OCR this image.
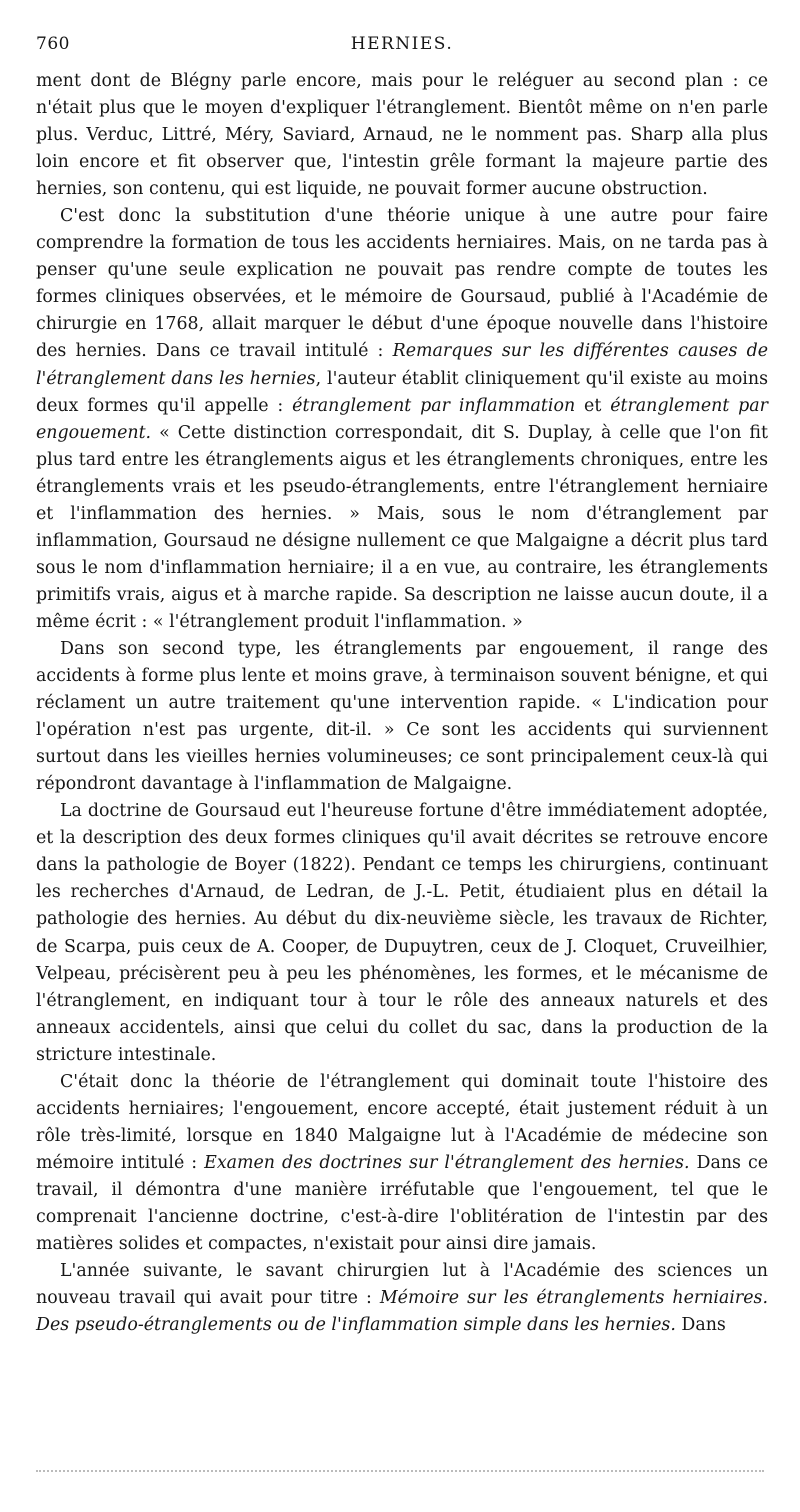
760	HERNIES.

ment dont de Blégny parle encore, mais pour le reléguer au second plan : ce n'était plus que le moyen d'expliquer l'étranglement. Bientôt même on n'en parle plus. Verduc, Littré, Méry, Saviard, Arnaud, ne le nomment pas. Sharp alla plus loin encore et fit observer que, l'intestin grêle formant la majeure partie des hernies, son contenu, qui est liquide, ne pouvait former aucune obstruction.

C'est donc la substitution d'une théorie unique à une autre pour faire comprendre la formation de tous les accidents herniaires. Mais, on ne tarda pas à penser qu'une seule explication ne pouvait pas rendre compte de toutes les formes cliniques observées, et le mémoire de Goursaud, publié à l'Académie de chirurgie en 1768, allait marquer le début d'une époque nouvelle dans l'histoire des hernies. Dans ce travail intitulé : Remarques sur les différentes causes de l'étranglement dans les hernies, l'auteur établit cliniquement qu'il existe au moins deux formes qu'il appelle : étranglement par inflammation et étranglement par engouement. « Cette distinction correspondait, dit S. Duplay, à celle que l'on fit plus tard entre les étranglements aigus et les étranglements chroniques, entre les étranglements vrais et les pseudo-étranglements, entre l'étranglement herniaire et l'inflammation des hernies. » Mais, sous le nom d'étranglement par inflammation, Goursaud ne désigne nullement ce que Malgaigne a décrit plus tard sous le nom d'inflammation herniaire; il a en vue, au contraire, les étranglements primitifs vrais, aigus et à marche rapide. Sa description ne laisse aucun doute, il a même écrit : « l'étranglement produit l'inflammation. »

Dans son second type, les étranglements par engouement, il range des accidents à forme plus lente et moins grave, à terminaison souvent bénigne, et qui réclament un autre traitement qu'une intervention rapide. « L'indication pour l'opération n'est pas urgente, dit-il. » Ce sont les accidents qui surviennent surtout dans les vieilles hernies volumineuses; ce sont principalement ceux-là qui répondront davantage à l'inflammation de Malgaigne.

La doctrine de Goursaud eut l'heureuse fortune d'être immédiatement adoptée, et la description des deux formes cliniques qu'il avait décrites se retrouve encore dans la pathologie de Boyer (1822). Pendant ce temps les chirurgiens, continuant les recherches d'Arnaud, de Ledran, de J.-L. Petit, étudiaient plus en détail la pathologie des hernies. Au début du dix-neuvième siècle, les travaux de Richter, de Scarpa, puis ceux de A. Cooper, de Dupuytren, ceux de J. Cloquet, Cruveilhier, Velpeau, précisèrent peu à peu les phénomènes, les formes, et le mécanisme de l'étranglement, en indiquant tour à tour le rôle des anneaux naturels et des anneaux accidentels, ainsi que celui du collet du sac, dans la production de la stricture intestinale.

C'était donc la théorie de l'étranglement qui dominait toute l'histoire des accidents herniaires; l'engouement, encore accepté, était justement réduit à un rôle très-limité, lorsque en 1840 Malgaigne lut à l'Académie de médecine son mémoire intitulé : Examen des doctrines sur l'étranglement des hernies. Dans ce travail, il démontra d'une manière irréfutable que l'engouement, tel que le comprenait l'ancienne doctrine, c'est-à-dire l'oblitération de l'intestin par des matières solides et compactes, n'existait pour ainsi dire jamais.

L'année suivante, le savant chirurgien lut à l'Académie des sciences un nouveau travail qui avait pour titre : Mémoire sur les étranglements herniaires. Des pseudo-étranglements ou de l'inflammation simple dans les hernies. Dans
